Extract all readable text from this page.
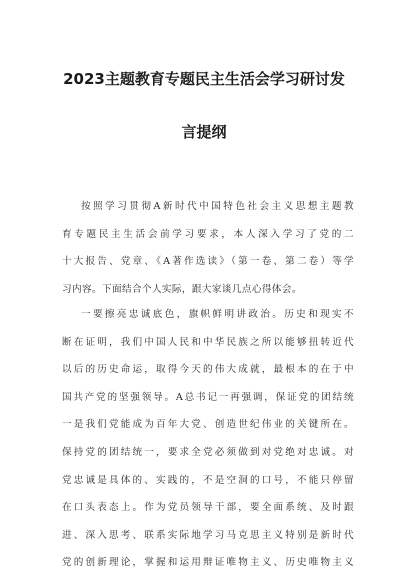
2023主题教育专题民主生活会学习研讨发
言提纲
按照学习贯彻A新时代中国特色社会主义思想主题教
育专题民主生活会前学习要求，本人深入学习了党的二
十大报告、党章、《A著作选读》（第一卷、第二卷）等学
习内容。下面结合个人实际，跟大家谈几点心得体会。
一要擦亮忠诚底色，旗帜鲜明讲政治。历史和现实不
断在证明，我们中国人民和中华民族之所以能够扭转近代
以后的历史命运，取得今天的伟大成就，最根本的在于中
国共产党的坚强领导。A总书记一再强调，保证党的团结统
一是我们党能成为百年大党、创造世纪伟业的关键所在。
保持党的团结统一，要求全党必须做到对党绝对忠诚。对
党忠诚是具体的、实践的，不是空洞的口号，不能只停留
在口头表态上。作为党员领导干部，要全面系统、及时跟
进、深入思考、联系实际地学习马克思主义特别是新时代
党的创新理论，掌握和运用辩证唯物主义、历史唯物主义
